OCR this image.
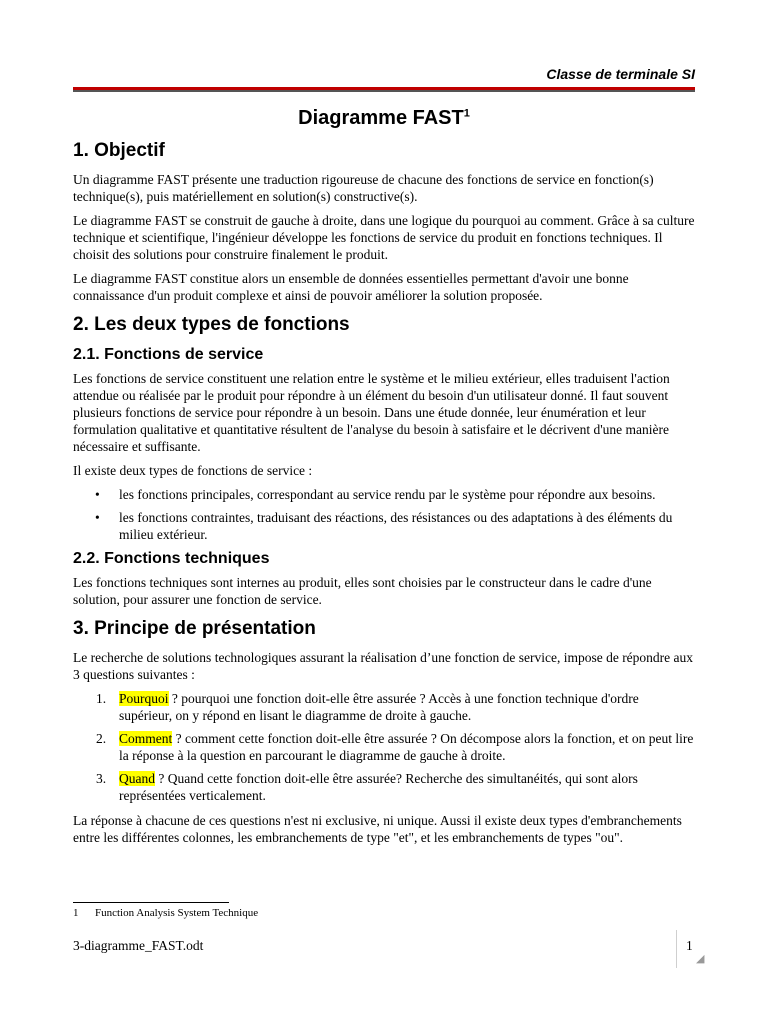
Classe de terminale SI
Diagramme FAST$^1$
1. Objectif

Un diagramme FAST présente une traduction rigoureuse de chacune des fonctions de service en fonction(s) technique(s), puis matériellement en solution(s) constructive(s).

Le diagramme FAST se construit de gauche à droite, dans une logique du pourquoi au comment. Grâce à sa culture technique et scientifique, l'ingénieur développe les fonctions de service du produit en fonctions techniques. Il choisit des solutions pour construire finalement le produit.

Le diagramme FAST constitue alors un ensemble de données essentielles permettant d'avoir une bonne connaissance d'un produit complexe et ainsi de pouvoir améliorer la solution proposée.

2. Les deux types de fonctions
2.1. Fonctions de service

Les fonctions de service constituent une relation entre le système et le milieu extérieur, elles traduisent l'action attendue ou réalisée par le produit pour répondre à un élément du besoin d'un utilisateur donné. Il faut souvent plusieurs fonctions de service pour répondre à un besoin. Dans une étude donnée, leur énumération et leur formulation qualitative et quantitative résultent de l'analyse du besoin à satisfaire et le décrivent d'une manière nécessaire et suffisante.

Il existe deux types de fonctions de service :

• les fonctions principales, correspondant au service rendu par le système pour répondre aux besoins.
• les fonctions contraintes, traduisant des réactions, des résistances ou des adaptations à des éléments du milieu extérieur.
2.2. Fonctions techniques

Les fonctions techniques sont internes au produit, elles sont choisies par le constructeur dans le cadre d'une solution, pour assurer une fonction de service.

3. Principe de présentation

Le recherche de solutions technologiques assurant la réalisation d’une fonction de service, impose de répondre aux 3 questions suivantes :

1. Pourquoi ? pourquoi une fonction doit-elle être assurée ? Accès à une fonction technique d'ordre supérieur, on y répond en lisant le diagramme de droite à gauche.
2. Comment ? comment cette fonction doit-elle être assurée ? On décompose alors la fonction, et on peut lire la réponse à la question en parcourant le diagramme de gauche à droite.
3. Quand ? Quand cette fonction doit-elle être assurée? Recherche des simultanéités, qui sont alors représentées verticalement.

La réponse à chacune de ces questions n'est ni exclusive, ni unique. Aussi il existe deux types d'embranchements entre les différentes colonnes, les embranchements de type "et", et les embranchements de types "ou".

1 Function Analysis System Technique
3-diagramme_FAST.odt	1
◢
